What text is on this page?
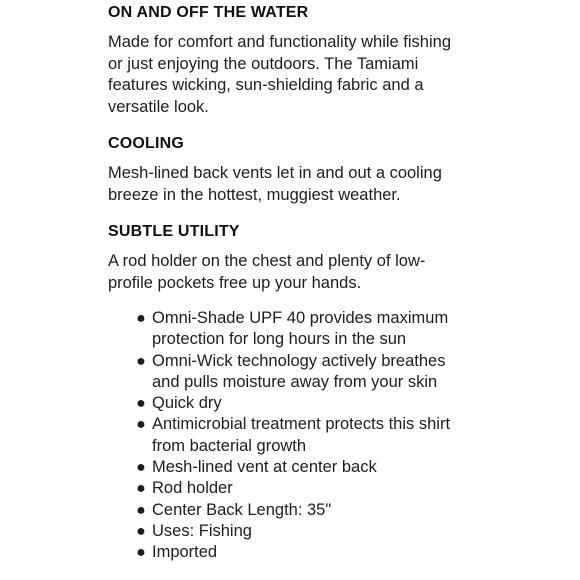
ON AND OFF THE WATER

Made for comfort and functionality while fishing or just enjoying the outdoors. The Tamiami features wicking, sun-shielding fabric and a versatile look.

COOLING

Mesh-lined back vents let in and out a cooling breeze in the hottest, muggiest weather.

SUBTLE UTILITY

A rod holder on the chest and plenty of low-profile pockets free up your hands.

● Omni-Shade UPF 40 provides maximum protection for long hours in the sun
● Omni-Wick technology actively breathes and pulls moisture away from your skin
● Quick dry
● Antimicrobial treatment protects this shirt from bacterial growth
● Mesh-lined vent at center back
● Rod holder
● Center Back Length: 35"
● Uses: Fishing
● Imported
